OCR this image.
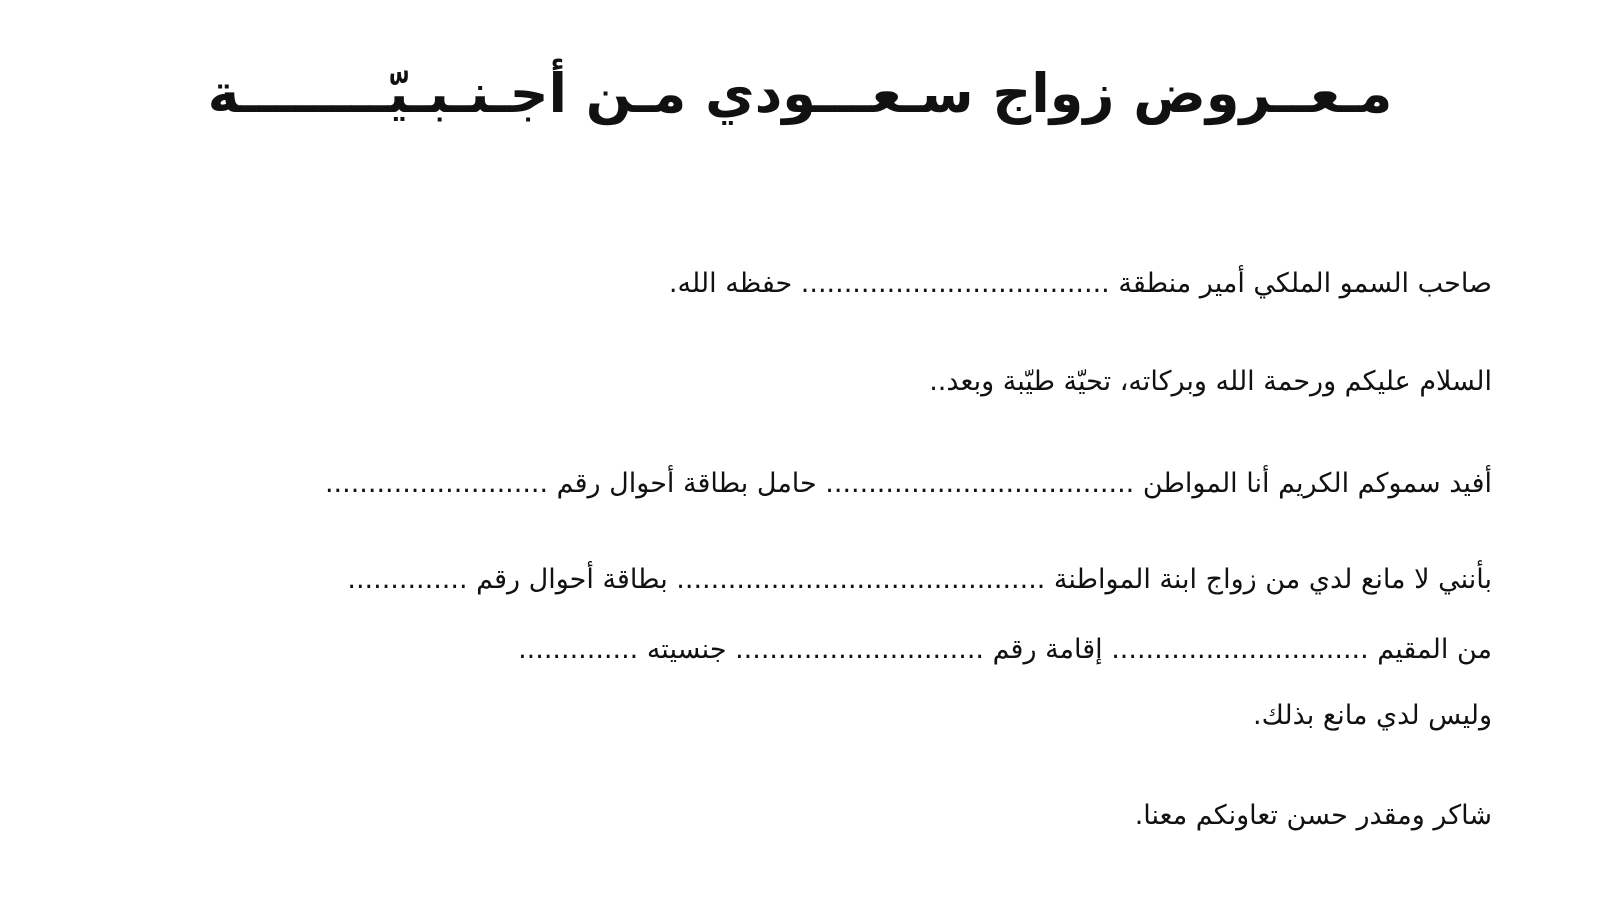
مـعــروض زواج سـعـــودي مـن أجـنـبـيّــــــــة

صاحب السمو الملكي أمير منطقة .................................... حفظه الله.

السلام عليكم ورحمة الله وبركاته، تحيّة طيّبة وبعد..

أفيد سموكم الكريم أنا المواطن .................................... حامل بطاقة أحوال رقم ..........................

بأنني لا مانع لدي من زواج ابنة المواطنة ........................................... بطاقة أحوال رقم ..............

من المقيم .............................. إقامة رقم ............................. جنسيته ..............

وليس لدي مانع بذلك.

شاكر ومقدر حسن تعاونكم معنا.
